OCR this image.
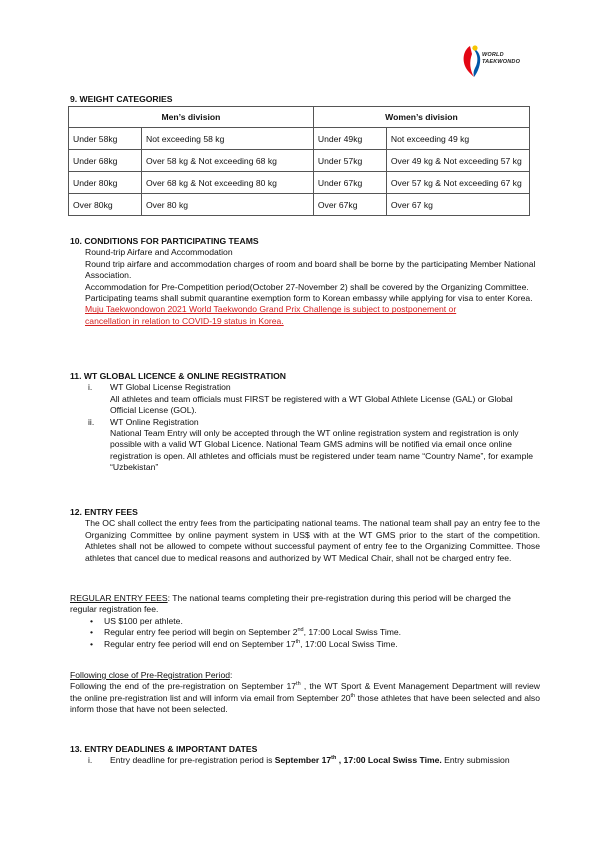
WORLD
TAEKWONDO
9. WEIGHT CATEGORIES
Men’s division		Women’s division	
Under 58kg	Not exceeding 58 kg	Under 49kg	Not exceeding 49 kg
Under 68kg	Over 58 kg & Not exceeding 68 kg	Under 57kg	Over 49 kg & Not exceeding 57 kg
Under 80kg	Over 68 kg & Not exceeding 80 kg	Under 67kg	Over 57 kg & Not exceeding 67 kg
Over 80kg	Over 80 kg	Over 67kg	Over 67 kg
10. CONDITIONS FOR PARTICIPATING TEAMS

Round-trip Airfare and Accommodation

Round trip airfare and accommodation charges of room and board shall be borne by the participating Member National Association.

Accommodation for Pre-Competition period(October 27-November 2) shall be covered by the Organizing Committee.

Participating teams shall submit quarantine exemption form to Korean embassy while applying for visa to enter Korea.

Muju Taekwondowon 2021 World Taekwondo Grand Prix Challenge is subject to postponement or cancellation in relation to COVID-19 status in Korea.

11. WT GLOBAL LICENCE & ONLINE REGISTRATION
i. WT Global License Registration

All athletes and team officials must FIRST be registered with a WT Global Athlete License (GAL) or Global Official License (GOL).

ii. WT Online Registration

National Team Entry will only be accepted through the WT online registration system and registration is only possible with a valid WT Global Licence. National Team GMS admins will be notified via email once online registration is open. All athletes and officials must be registered under team name “Country Name”, for example “Uzbekistan”

12. ENTRY FEES

The OC shall collect the entry fees from the participating national teams. The national team shall pay an entry fee to the Organizing Committee by online payment system in US$ with at the WT GMS prior to the start of the competition. Athletes shall not be allowed to compete without successful payment of entry fee to the Organizing Committee. Those athletes that cancel due to medical reasons and authorized by WT Medical Chair, shall not be charged entry fee.

REGULAR ENTRY FEES: The national teams completing their pre-registration during this period will be charged the regular registration fee.

• US $100 per athlete.
• Regular entry fee period will begin on September 2nd, 17:00 Local Swiss Time.
• Regular entry fee period will end on September 17th, 17:00 Local Swiss Time.

Following close of Pre-Registration Period:

Following the end of the pre-registration on September 17th , the WT Sport & Event Management Department will review the online pre-registration list and will inform via email from September 20th those athletes that have been selected and also inform those that have not been selected.

13. ENTRY DEADLINES & IMPORTANT DATES
i. Entry deadline for pre-registration period is September 17th , 17:00 Local Swiss Time. Entry submission
